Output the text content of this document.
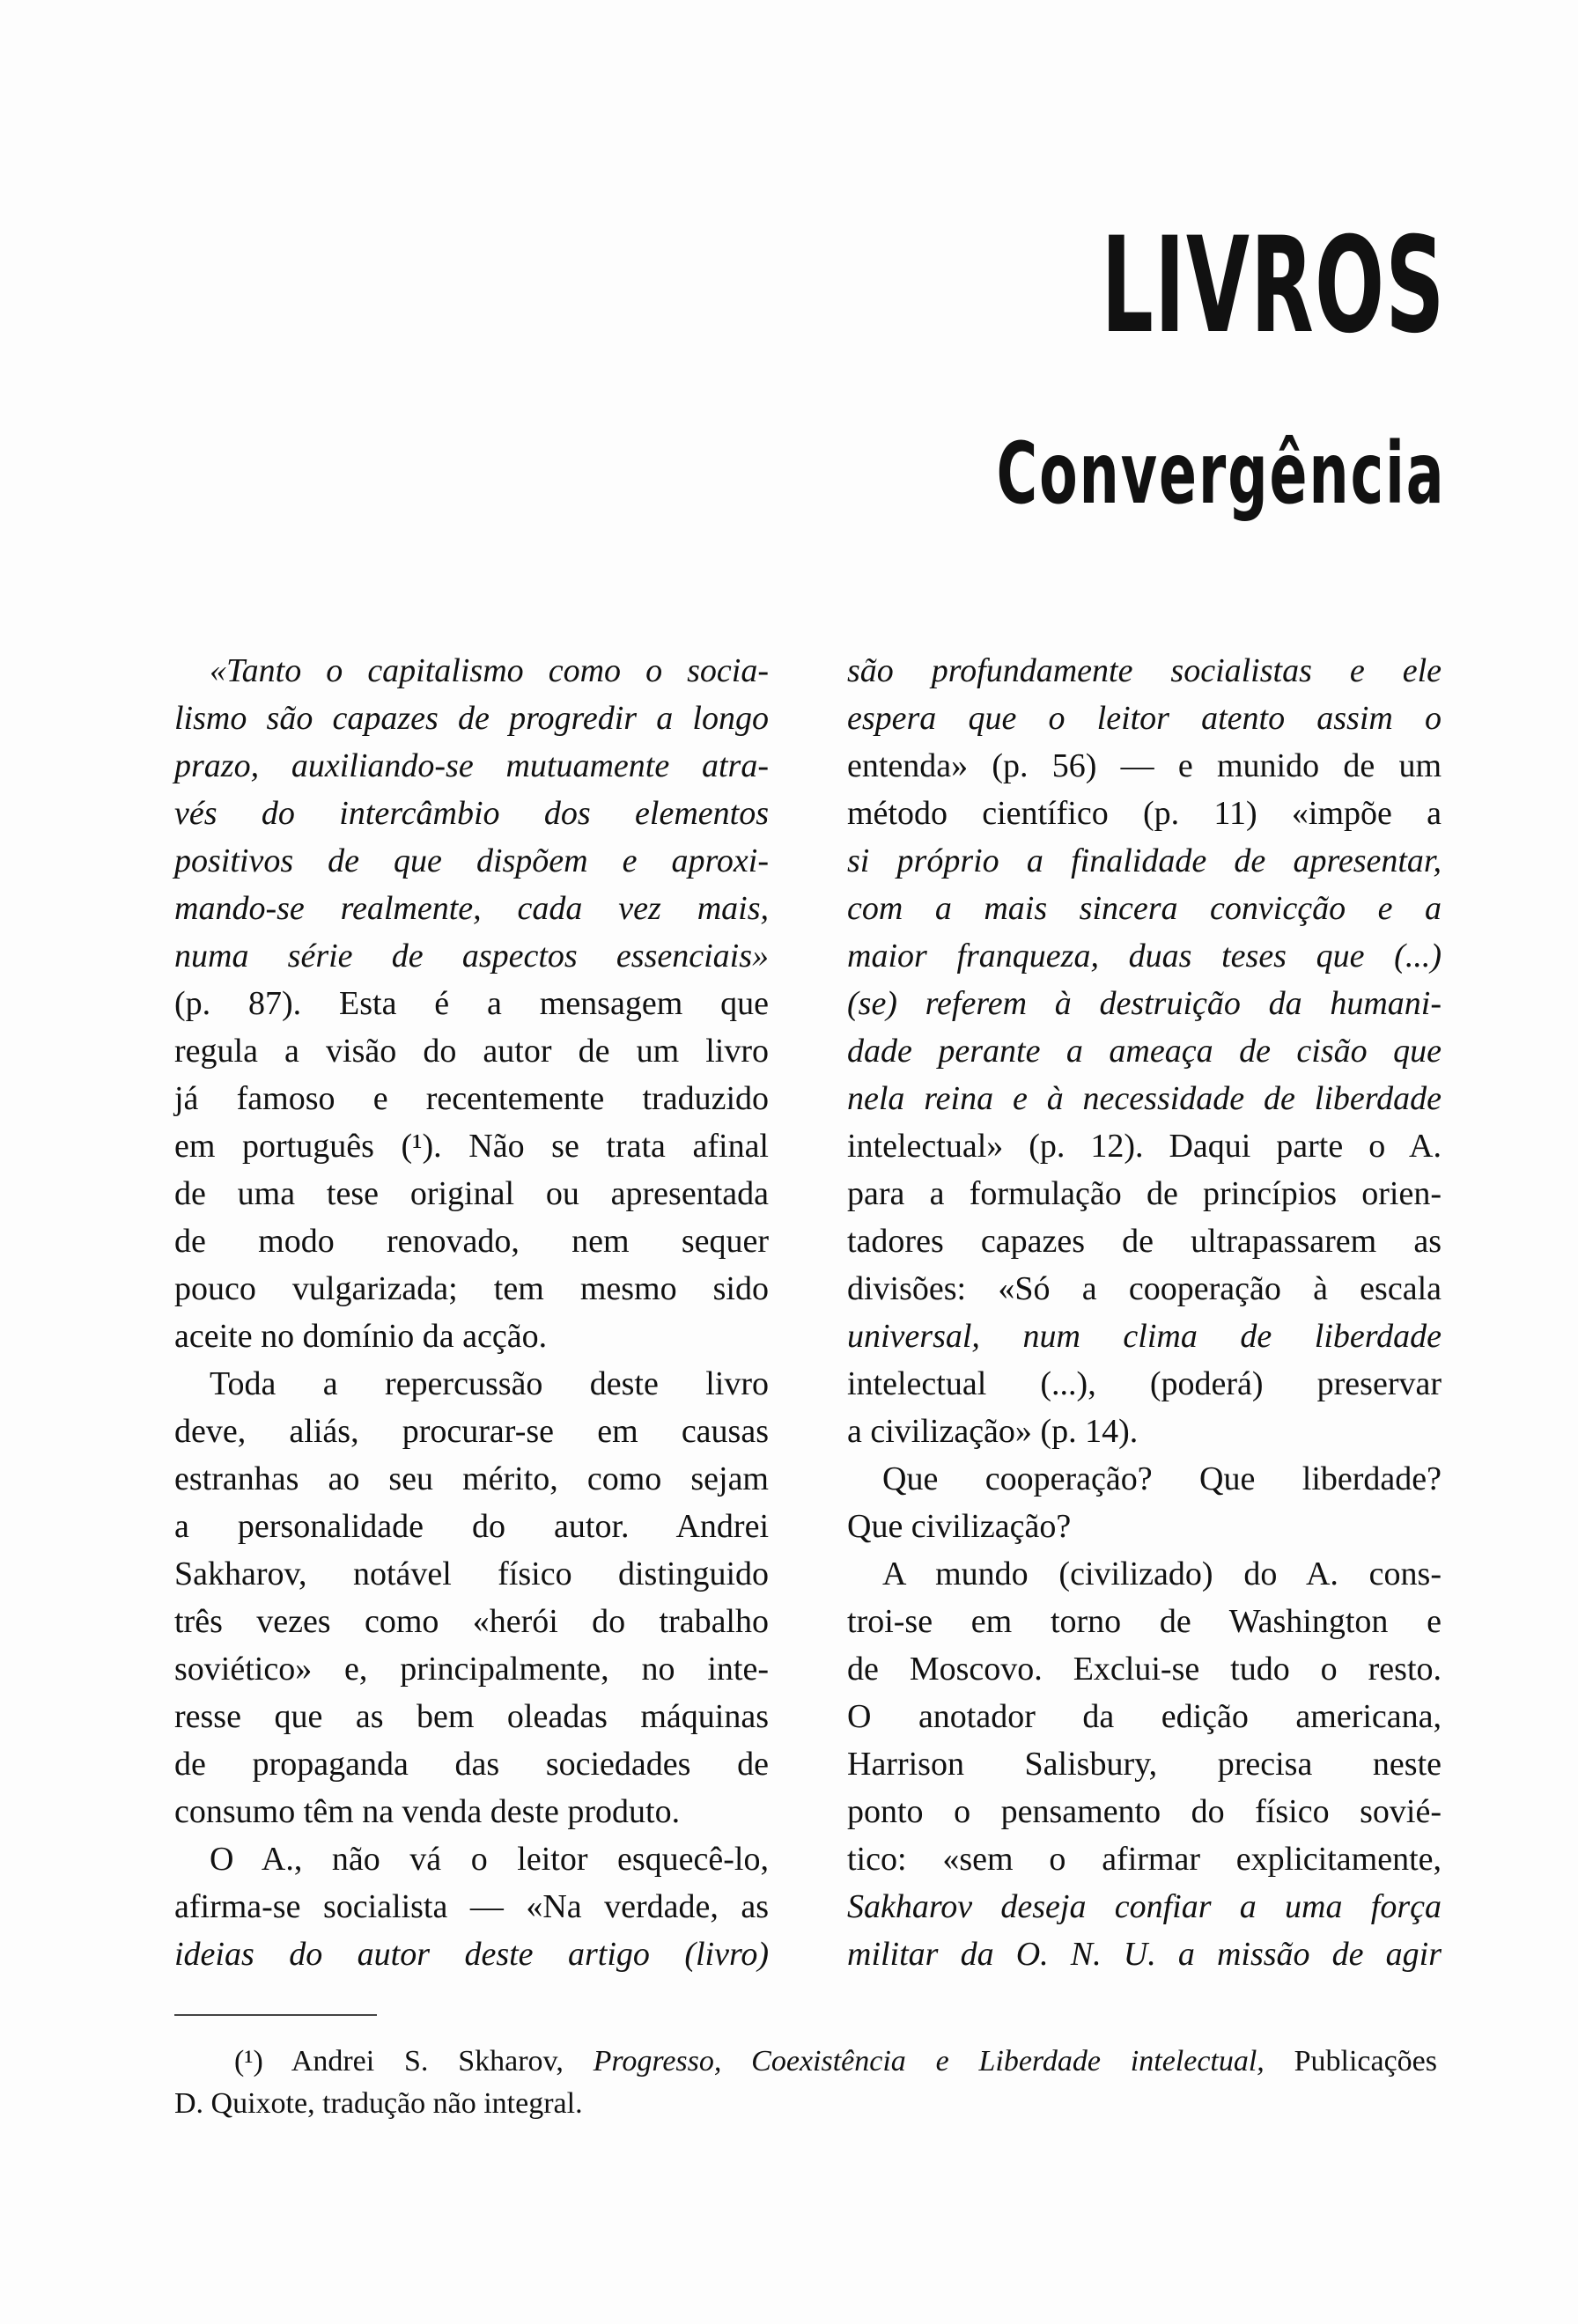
LIVROS
Convergência
«Tanto o capitalismo como o socia-
lismo são capazes de progredir a longo
prazo, auxiliando-se mutuamente atra-
vés do intercâmbio dos elementos
positivos de que dispõem e aproxi-
mando-se realmente, cada vez mais,
numa série de aspectos essenciais»
(p. 87). Esta é a mensagem que
regula a visão do autor de um livro
já famoso e recentemente traduzido
em português (¹). Não se trata afinal
de uma tese original ou apresentada
de modo renovado, nem sequer
pouco vulgarizada; tem mesmo sido
aceite no domínio da acção.
Toda a repercussão deste livro
deve, aliás, procurar-se em causas
estranhas ao seu mérito, como sejam
a personalidade do autor. Andrei
Sakharov, notável físico distinguido
três vezes como «herói do trabalho
soviético» e, principalmente, no inte-
resse que as bem oleadas máquinas
de propaganda das sociedades de
consumo têm na venda deste produto.
O A., não vá o leitor esquecê-lo,
afirma-se socialista — «Na verdade, as
ideias do autor deste artigo (livro)
são profundamente socialistas e ele
espera que o leitor atento assim o
entenda» (p. 56) — e munido de um
método científico (p. 11) «impõe a
si próprio a finalidade de apresentar,
com a mais sincera convicção e a
maior franqueza, duas teses que (...)
(se) referem à destruição da humani-
dade perante a ameaça de cisão que
nela reina e à necessidade de liberdade
intelectual» (p. 12). Daqui parte o A.
para a formulação de princípios orien-
tadores capazes de ultrapassarem as
divisões: «Só a cooperação à escala
universal, num clima de liberdade
intelectual (...), (poderá) preservar
a civilização» (p. 14).
Que cooperação? Que liberdade?
Que civilização?
A mundo (civilizado) do A. cons-
troi-se em torno de Washington e
de Moscovo. Exclui-se tudo o resto.
O anotador da edição americana,
Harrison Salisbury, precisa neste
ponto o pensamento do físico sovié-
tico: «sem o afirmar explicitamente,
Sakharov deseja confiar a uma força
militar da O. N. U. a missão de agir
(¹) Andrei S. Skharov, Progresso, Coexistência e Liberdade intelectual, Publicações
D. Quixote, tradução não integral.
